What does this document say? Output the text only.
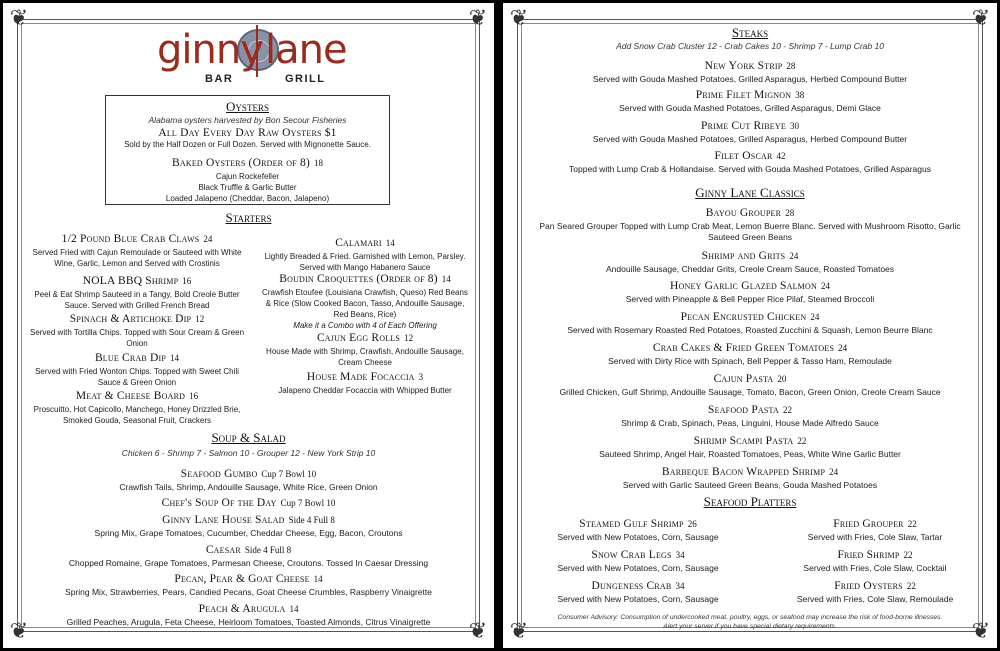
❦	❦
❦	❦
ginny lane
BAR	GRILL
Oysters
Alabama oysters harvested by Bon Secour Fisheries
All Day Every Day Raw Oysters $1
Sold by the Half Dozen or Full Dozen. Served with Mignonette Sauce.
Baked Oysters (Order of 8) 18
Cajun Rockefeller
Black Truffle & Garlic Butter
Loaded Jalapeno (Cheddar, Bacon, Jalapeno)
Starters
1/2 Pound Blue Crab Claws 24
Served Fried with Cajun Remoulade or Sauteed with White Wine, Garlic, Lemon and Served with Crostinis
NOLA BBQ Shrimp 16
Peel & Eat Shrimp Sauteed in a Tangy, Bold Creole Butter Sauce. Served with Grilled French Bread
Spinach & Artichoke Dip 12
Served with Tortilla Chips. Topped with Sour Cream & Green Onion
Blue Crab Dip 14
Served with Fried Wonton Chips. Topped with Sweet Chili Sauce & Green Onion
Meat & Cheese Board 16
Proscuitto, Hot Capicollo, Manchego, Honey Drizzled Brie, Smoked Gouda, Seasonal Fruit, Crackers
Calamari 14
Lightly Breaded & Fried. Garnished with Lemon, Parsley. Served with Mango Habanero Sauce
Boudin Croquettes (Order of 8) 14
Crawfish Etoufee (Louisiana Crawfish, Queso) Red Beans & Rice (Slow Cooked Bacon, Tasso, Andouille Sausage, Red Beans, Rice)
Make it a Combo with 4 of Each Offering
Cajun Egg Rolls 12
House Made with Shrimp, Crawfish, Andouille Sausage, Cream Cheese
House Made Focaccia 3
Jalapeno Cheddar Focaccia with Whipped Butter
Soup & Salad
Chicken 6 - Shrimp 7 - Salmon 10 - Grouper 12 - New York Strip 10
Seafood Gumbo Cup 7 Bowl 10
Crawfish Tails, Shrimp, Andouille Sausage, White Rice, Green Onion
Chef's Soup Of the Day Cup 7 Bowl 10
Ginny Lane House Salad Side 4 Full 8
Spring Mix, Grape Tomatoes, Cucumber, Cheddar Cheese, Egg, Bacon, Croutons
Caesar Side 4 Full 8
Chopped Romaine, Grape Tomatoes, Parmesan Cheese, Croutons. Tossed In Caesar Dressing
Pecan, Pear & Goat Cheese 14
Spring Mix, Strawberries, Pears, Candied Pecans, Goat Cheese Crumbles, Raspberry Vinaigrette
Peach & Arugula 14
Grilled Peaches, Arugula, Feta Cheese, Heirloom Tomatoes, Toasted Almonds, Citrus Vinaigrette
❦	❦
❦	❦
Steaks
Add Snow Crab Cluster 12 - Crab Cakes 10 - Shrimp 7 - Lump Crab 10
New York Strip 28
Served with Gouda Mashed Potatoes, Grilled Asparagus, Herbed Compound Butter
Prime Filet Mignon 38
Served with Gouda Mashed Potatoes, Grilled Asparagus, Demi Glace
Prime Cut Ribeye 30
Served with Gouda Mashed Potatoes, Grilled Asparagus, Herbed Compound Butter
Filet Oscar 42
Topped with Lump Crab & Hollandaise. Served with Gouda Mashed Potatoes, Grilled Asparagus
Ginny Lane Classics
Bayou Grouper 28
Pan Seared Grouper Topped with Lump Crab Meat, Lemon Buerre Blanc. Served with Mushroom Risotto, Garlic Sauteed Green Beans
Shrimp and Grits 24
Andouille Sausage, Cheddar Grits, Creole Cream Sauce, Roasted Tomatoes
Honey Garlic Glazed Salmon 24
Served with Pineapple & Bell Pepper Rice Pilaf, Steamed Broccoli
Pecan Encrusted Chicken 24
Served with Rosemary Roasted Red Potatoes, Roasted Zucchini & Squash, Lemon Beurre Blanc
Crab Cakes & Fried Green Tomatoes 24
Served with Dirty Rice with Spinach, Bell Pepper & Tasso Ham, Remoulade
Cajun Pasta 20
Grilled Chicken, Gulf Shrimp, Andouille Sausage, Tomato, Bacon, Green Onion, Creole Cream Sauce
Seafood Pasta 22
Shrimp & Crab, Spinach, Peas, Linguini, House Made Alfredo Sauce
Shrimp Scampi Pasta 22
Sauteed Shrimp, Angel Hair, Roasted Tomatoes, Peas, White Wine Garlic Butter
Barbeque Bacon Wrapped Shrimp 24
Served with Garlic Sauteed Green Beans, Gouda Mashed Potatoes
Seafood Platters
Steamed Gulf Shrimp 26
Served with New Potatoes, Corn, Sausage
Snow Crab Legs 34
Served with New Potatoes, Corn, Sausage
Dungeness Crab 34
Served with New Potatoes, Corn, Sausage
Fried Grouper 22
Served with Fries, Cole Slaw, Tartar
Fried Shrimp 22
Served with Fries, Cole Slaw, Cocktail
Fried Oysters 22
Served with Fries, Cole Slaw, Remoulade
Consumer Advisory: Consumption of undercooked meat, poultry, eggs, or seafood may increase the risk of food-borne illnesses.
Alert your server if you have special dietary requirements.
